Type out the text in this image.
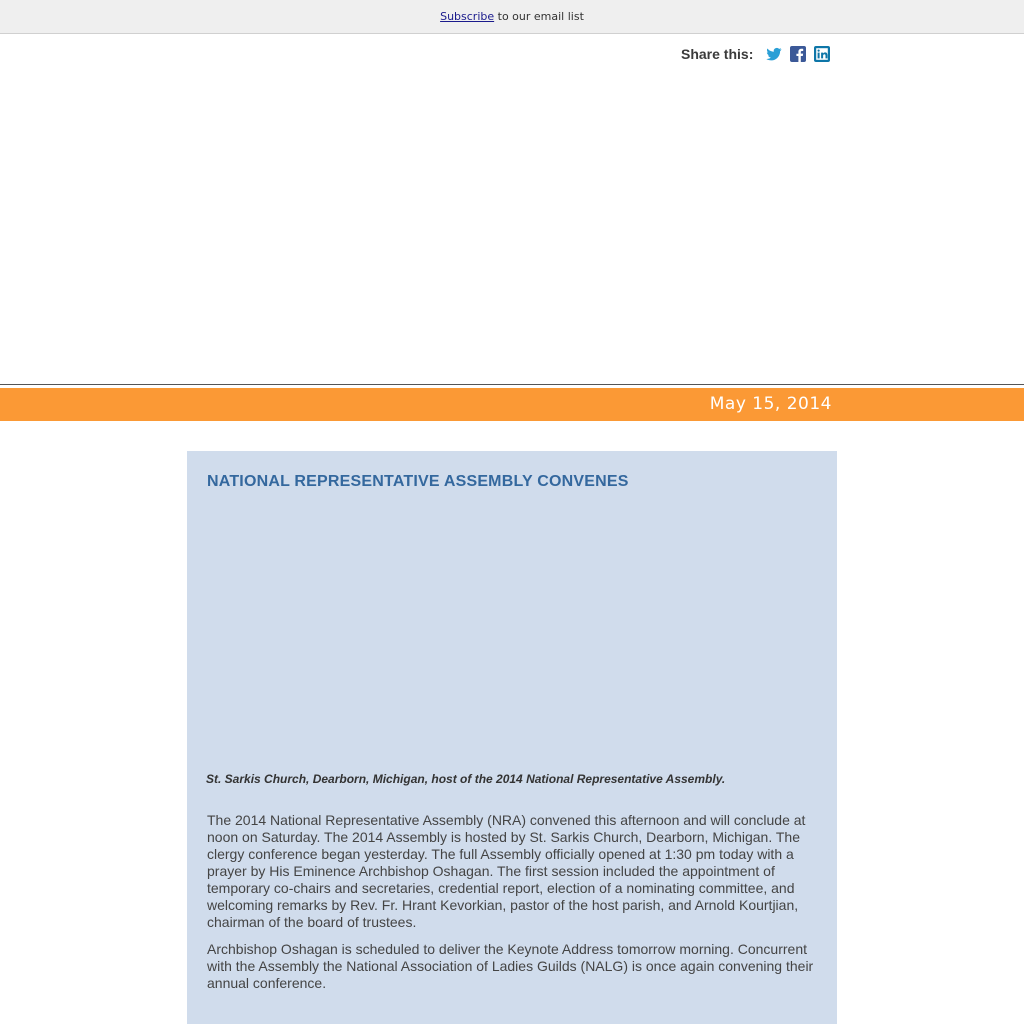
Subscribe to our email list
Share this:
May 15, 2014
NATIONAL REPRESENTATIVE ASSEMBLY CONVENES

St. Sarkis Church, Dearborn, Michigan, host of the 2014 National Representative Assembly.

The 2014 National Representative Assembly (NRA) convened this afternoon and will conclude at noon on Saturday. The 2014 Assembly is hosted by St. Sarkis Church, Dearborn, Michigan. The clergy conference began yesterday. The full Assembly officially opened at 1:30 pm today with a prayer by His Eminence Archbishop Oshagan. The first session included the appointment of temporary co-chairs and secretaries, credential report, election of a nominating committee, and welcoming remarks by Rev. Fr. Hrant Kevorkian, pastor of the host parish, and Arnold Kourtjian, chairman of the board of trustees.

Archbishop Oshagan is scheduled to deliver the Keynote Address tomorrow morning. Concurrent with the Assembly the National Association of Ladies Guilds (NALG) is once again convening their annual conference.
